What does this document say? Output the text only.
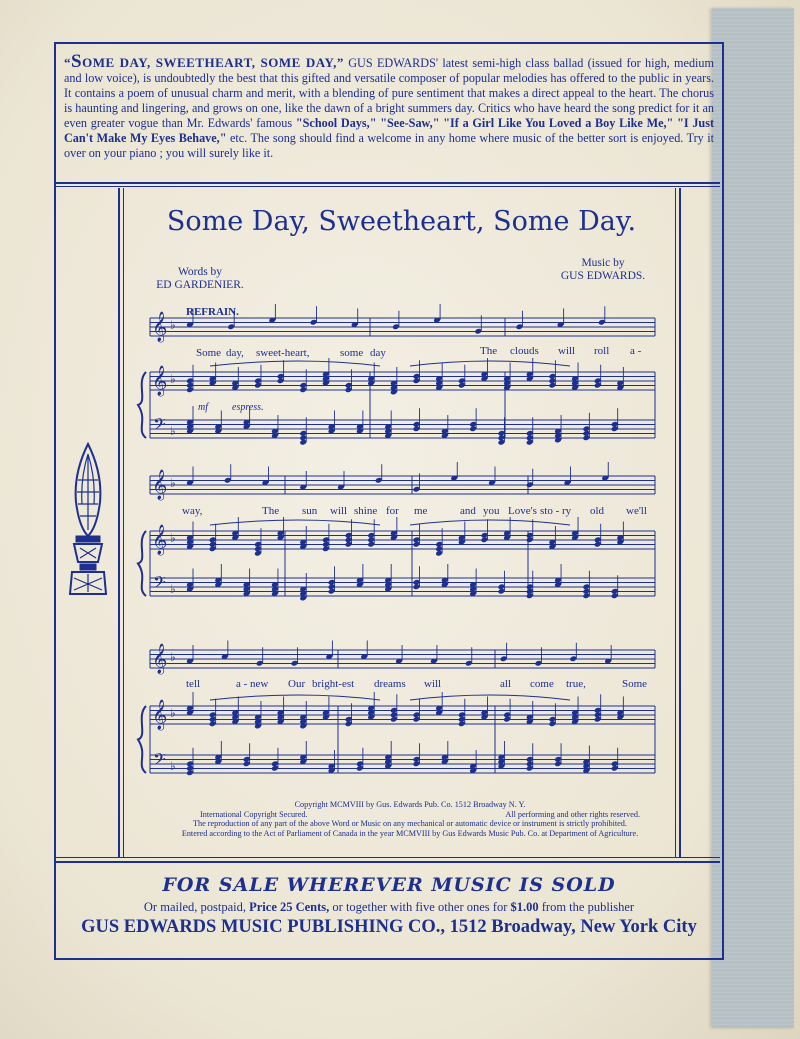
“SOME DAY, SWEETHEART, SOME DAY,” GUS EDWARDS' latest semi-high class ballad (issued for high, medium and low voice), is undoubtedly the best that this gifted and versatile composer of popular melodies has offered to the public in years. It contains a poem of unusual charm and merit, with a blending of pure sentiment that makes a direct appeal to the heart. The chorus is haunting and lingering, and grows on one, like the dawn of a bright summers day. Critics who have heard the song predict for it an even greater vogue than Mr. Edwards' famous "School Days," "See-Saw," "If a Girl Like You Loved a Boy Like Me," "I Just Can't Make My Eyes Behave," etc. The song should find a welcome in any home where music of the better sort is enjoyed. Try it over on your piano ; you will surely like it.
Some Day, Sweetheart, Some Day.
Words by
ED GARDENIER.
Music by
GUS EDWARDS.
REFRAIN.
𝄞
𝄞
𝄢
♭
♭
♭
𝄞
𝄞
𝄢
♭
♭
♭
𝄞
𝄞
𝄢
♭
♭
♭
Some day, sweet-heart,	some day	The clouds will roll a -
mf espress.
way,	The sun will shine for me	and you Love's sto - ry old we'll
tell	a - new Our bright-est dreams will	all come true,	Some
Copyright MCMVIII by Gus. Edwards Pub. Co. 1512 Broadway N. Y.
International Copyright Secured.	All performing and other rights reserved.
The reproduction of any part of the above Word or Music on any mechanical or automatic device or instrument is strictly prohibited.
Entered according to the Act of Parliament of Canada in the year MCMVIII by Gus Edwards Music Pub. Co. at Department of Agriculture.
FOR SALE WHEREVER MUSIC IS SOLD
Or mailed, postpaid, Price 25 Cents, or together with five other ones for $1.00 from the publisher
GUS EDWARDS MUSIC PUBLISHING CO., 1512 Broadway, New York City
